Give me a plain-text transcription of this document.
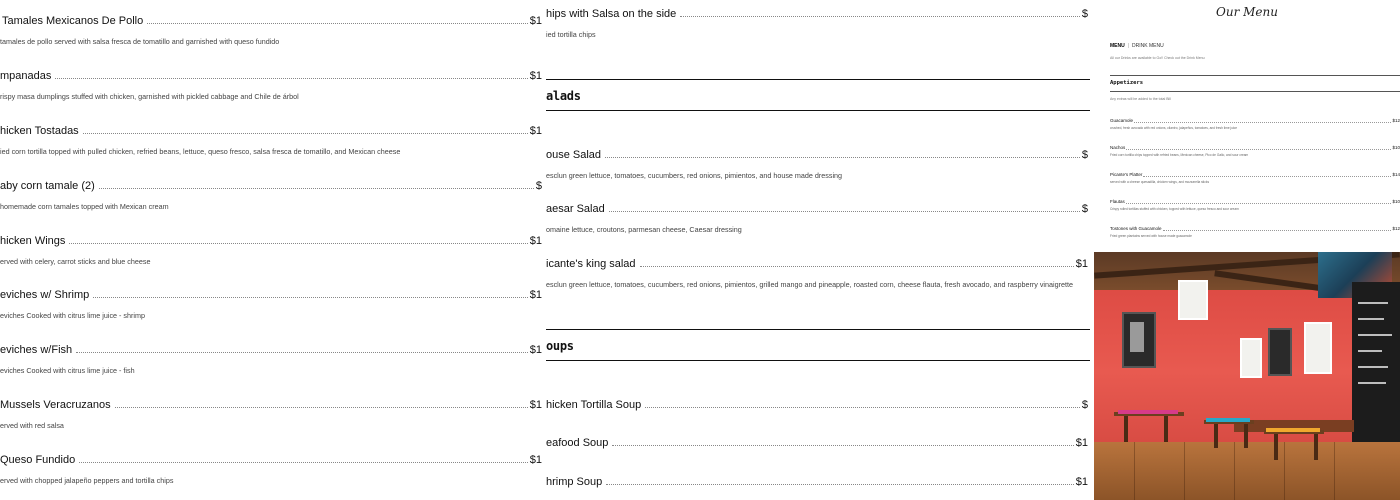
Tamales Mexicanos De Pollo	$1
tamales de pollo served with salsa fresca de tomatillo and garnished with queso fundido
mpanadas	$1
rispy masa dumplings stuffed with chicken, garnished with pickled cabbage and Chile de árbol
hicken Tostadas	$1
ied corn tortilla topped with pulled chicken, refried beans, lettuce, queso fresco, salsa fresca de tomatillo, and Mexican cheese
aby corn tamale (2)	$
homemade corn tamales topped with Mexican cream
hicken Wings	$1
erved with celery, carrot sticks and blue cheese
eviches w/ Shrimp	$1
eviches Cooked with citrus lime juice - shrimp
eviches w/Fish	$1
eviches Cooked with citrus lime juice - fish
Mussels Veracruzanos	$1
erved with red salsa
Queso Fundido	$1
erved with chopped jalapeño peppers and tortilla chips
hips with Salsa on the side	$
ied tortilla chips
alads
ouse Salad	$
esclun green lettuce, tomatoes, cucumbers, red onions, pimientos, and house made dressing
aesar Salad	$
omaine lettuce, croutons, parmesan cheese, Caesar dressing
icante's king salad	$1
esclun green lettuce, tomatoes, cucumbers, red onions, pimientos, grilled mango and pineapple, roasted corn, cheese flauta, fresh avocado, and raspberry vinaigrette
oups
hicken Tortilla Soup	$
eafood Soup	$1
hrimp Soup	$1
Our Menu
MENU | DRINK MENU
All our Drinks are available to Go!! Check out the Drink Menu
Appetizers
Any extras will be added to the total Bill
Guacamole	$12
crushed, fresh avocado with red onions, cilantro, jalapeños, tomatoes, and fresh lime juice
Nachos	$10
Fried corn tortilla chips topped with refried beans, Mexican cheese, Pico de Gallo, and sour cream
Picante's Platter	$14
served with a cheese quesadilla, chicken wings, and mozzarella sticks
Flautas	$10
Crispy rolled tortillas stuffed with chicken, topped with lettuce, queso fresco and sour cream
Tostones with Guacamole	$12
Fried green plantains served with house made guacamole
